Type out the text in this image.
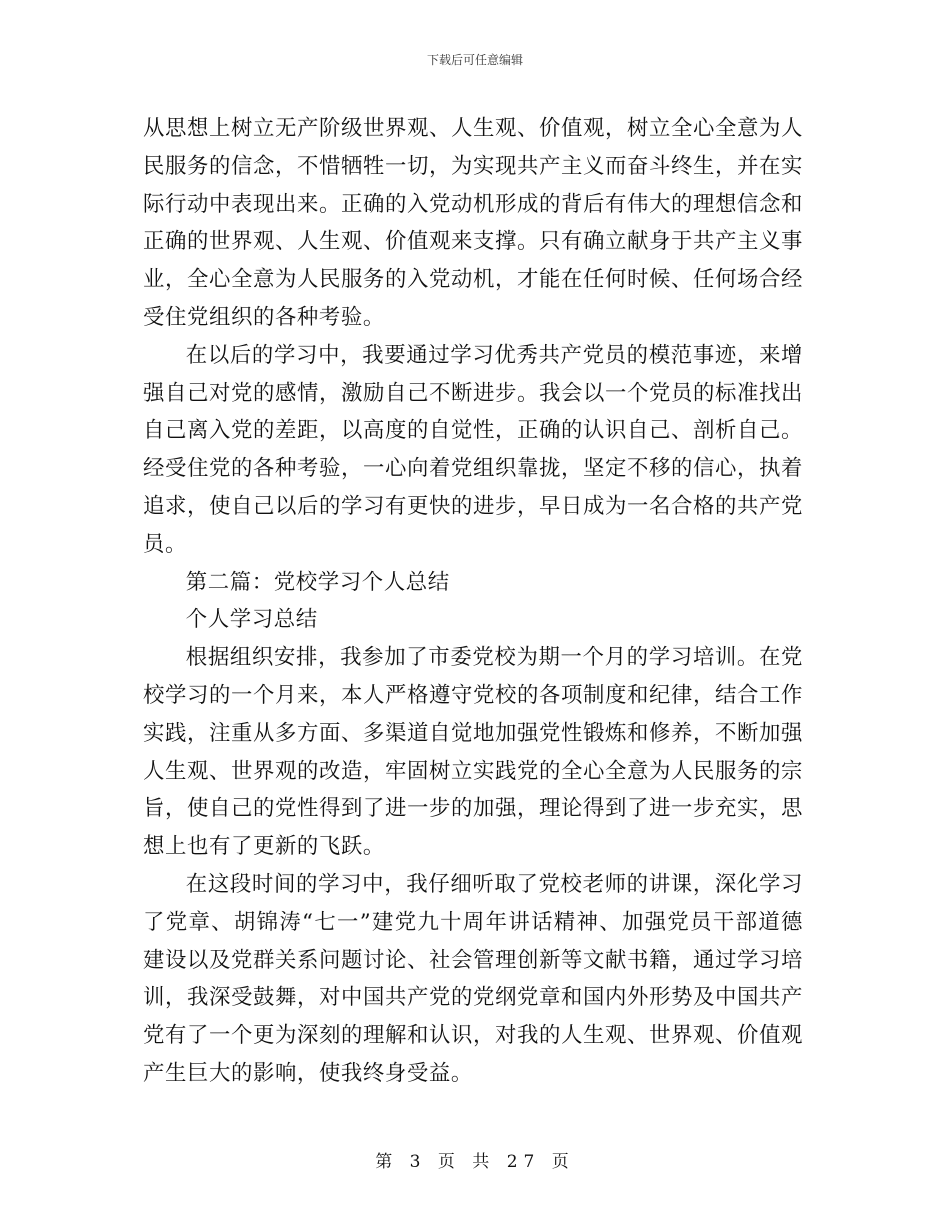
下载后可任意编辑

从思想上树立无产阶级世界观、人生观、价值观，树立全心全意为人民服务的信念，不惜牺牲一切，为实现共产主义而奋斗终生，并在实际行动中表现出来。正确的入党动机形成的背后有伟大的理想信念和正确的世界观、人生观、价值观来支撑。只有确立献身于共产主义事业，全心全意为人民服务的入党动机，才能在任何时候、任何场合经受住党组织的各种考验。

在以后的学习中，我要通过学习优秀共产党员的模范事迹，来增强自己对党的感情，激励自己不断进步。我会以一个党员的标准找出自己离入党的差距，以高度的自觉性，正确的认识自己、剖析自己。经受住党的各种考验，一心向着党组织靠拢，坚定不移的信心，执着追求，使自己以后的学习有更快的进步，早日成为一名合格的共产党员。

第二篇：党校学习个人总结

个人学习总结

根据组织安排，我参加了市委党校为期一个月的学习培训。在党校学习的一个月来，本人严格遵守党校的各项制度和纪律，结合工作实践，注重从多方面、多渠道自觉地加强党性锻炼和修养，不断加强人生观、世界观的改造，牢固树立实践党的全心全意为人民服务的宗旨，使自己的党性得到了进一步的加强，理论得到了进一步充实，思想上也有了更新的飞跃。

在这段时间的学习中，我仔细听取了党校老师的讲课，深化学习了党章、胡锦涛“七一”建党九十周年讲话精神、加强党员干部道德建设以及党群关系问题讨论、社会管理创新等文献书籍，通过学习培训，我深受鼓舞，对中国共产党的党纲党章和国内外形势及中国共产党有了一个更为深刻的理解和认识，对我的人生观、世界观、价值观产生巨大的影响，使我终身受益。

第 3 页 共 27 页
